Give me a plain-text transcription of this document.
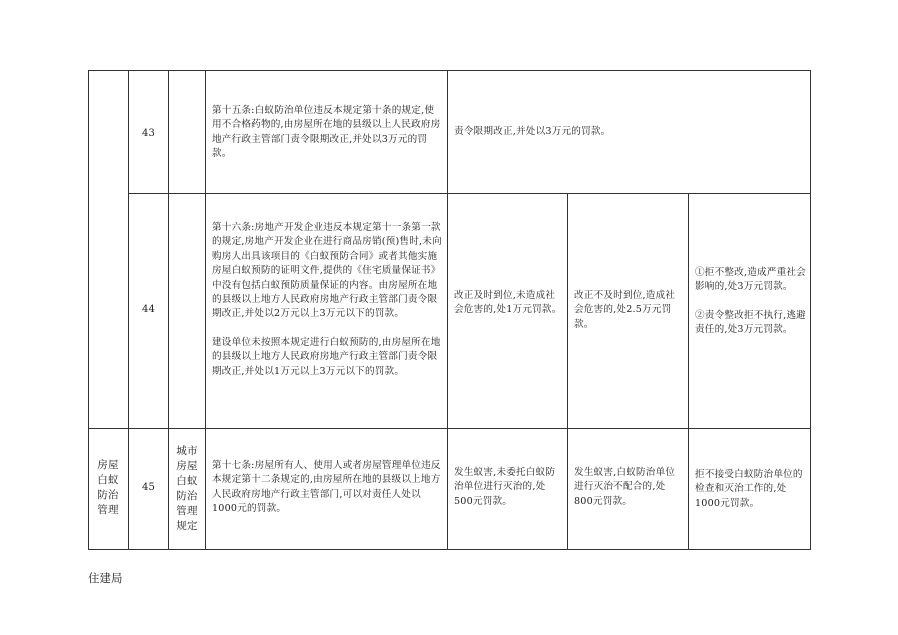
43
第十五条:白蚁防治单位违反本规定第十条的规定,使用不合格药物的,由房屋所在地的县级以上人民政府房地产行政主管部门责令限期改正,并处以3万元的罚款。
责令限期改正,并处以3万元的罚款。
44
第十六条:房地产开发企业违反本规定第十一条第一款的规定,房地产开发企业在进行商品房销(预)售时,未向购房人出具该项目的《白蚁预防合同》或者其他实施房屋白蚁预防的证明文件,提供的《住宅质量保证书》中没有包括白蚁预防质量保证的内容。由房屋所在地的县级以上地方人民政府房地产行政主管部门责令限期改正,并处以2万元以上3万元以下的罚款。
建设单位未按照本规定进行白蚁预防的,由房屋所在地的县级以上地方人民政府房地产行政主管部门责令限期改正,并处以1万元以上3万元以下的罚款。
改正及时到位,未造成社会危害的,处1万元罚款。
改正不及时到位,造成社会危害的,处2.5万元罚款。
①拒不整改,造成严重社会影响的,处3万元罚款。
②责令整改拒不执行,逃避责任的,处3万元罚款。
房屋白蚁防治管理
45
城市房屋白蚁防治管理规定
第十七条:房屋所有人、使用人或者房屋管理单位违反本规定第十二条规定的,由房屋所在地的县级以上地方人民政府房地产行政主管部门,可以对责任人处以1000元的罚款。
发生蚁害,未委托白蚁防治单位进行灭治的,处500元罚款。
发生蚁害,白蚁防治单位进行灭治不配合的,处800元罚款。
拒不接受白蚁防治单位的检查和灭治工作的,处1000元罚款。
住建局
